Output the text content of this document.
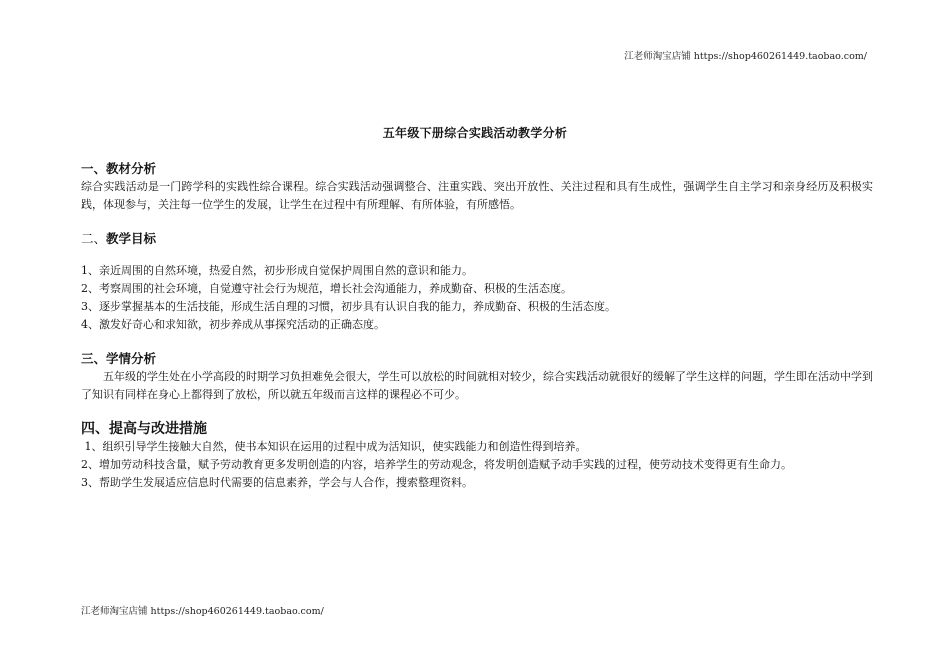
江老师淘宝店铺 https://shop460261449.taobao.com/
五年级下册综合实践活动教学分析
一、教材分析

综合实践活动是一门跨学科的实践性综合课程。综合实践活动强调整合、注重实践、突出开放性、关注过程和具有生成性，强调学生自主学习和亲身经历及积极实践，体现参与，关注每一位学生的发展，让学生在过程中有所理解、有所体验，有所感悟。

二、教学目标

1、亲近周围的自然环境，热爱自然，初步形成自觉保护周围自然的意识和能力。

2、考察周围的社会环境，自觉遵守社会行为规范，增长社会沟通能力，养成勤奋、积极的生活态度。

3、逐步掌握基本的生活技能，形成生活自理的习惯，初步具有认识自我的能力，养成勤奋、积极的生活态度。

4、激发好奇心和求知欲，初步养成从事探究活动的正确态度。

三、学情分析

五年级的学生处在小学高段的时期学习负担难免会很大，学生可以放松的时间就相对较少，综合实践活动就很好的缓解了学生这样的问题，学生即在活动中学到了知识有同样在身心上都得到了放松，所以就五年级而言这样的课程必不可少。

四、提高与改进措施

1、组织引导学生接触大自然，使书本知识在运用的过程中成为活知识，使实践能力和创造性得到培养。

2、增加劳动科技含量，赋予劳动教育更多发明创造的内容，培养学生的劳动观念，将发明创造赋予动手实践的过程，使劳动技术变得更有生命力。

3、帮助学生发展适应信息时代需要的信息素养，学会与人合作，搜索整理资料。

江老师淘宝店铺 https://shop460261449.taobao.com/
